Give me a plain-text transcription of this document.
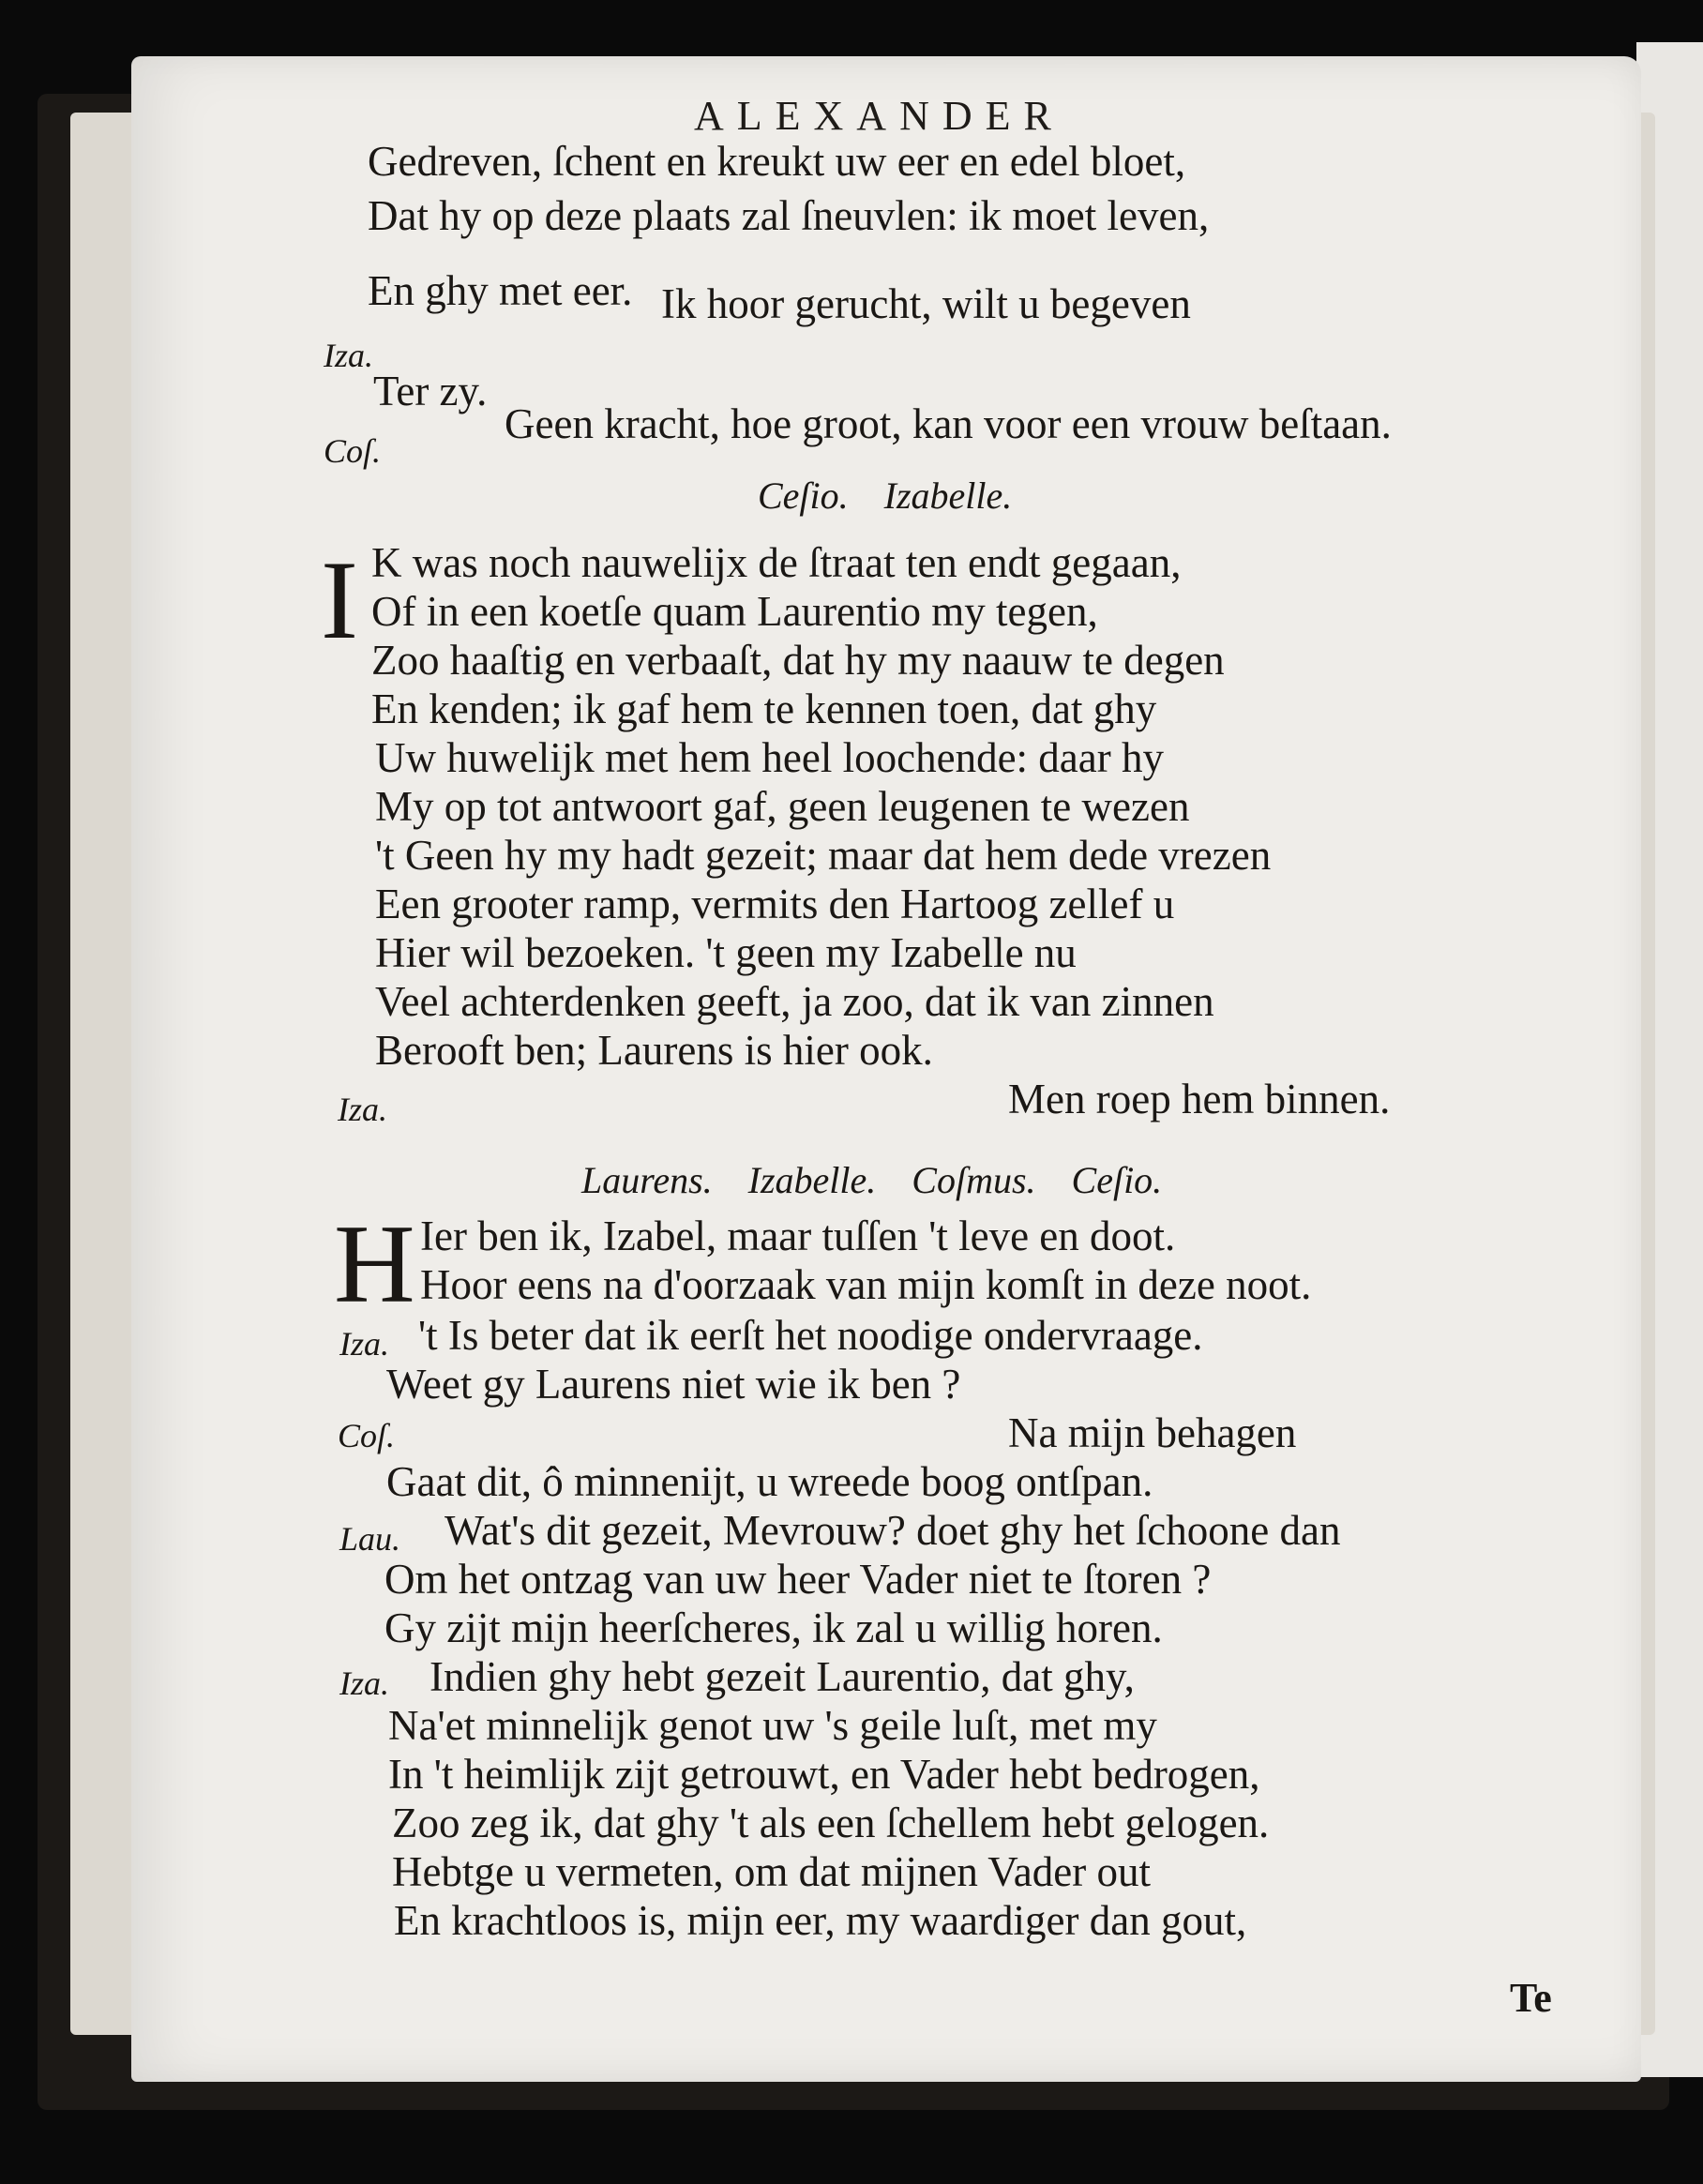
ALEXANDER
Gedreven, ſchent en kreukt uw eer en edel bloet,
Dat hy op deze plaats zal ſneuvlen: ik moet leven,
En ghy met eer. Ik hoor gerucht, wilt u begeven
Iza.
Ter zy.
Coſ.
Geen kracht, hoe groot, kan voor een vrouw beſtaan.
Ceſio. Izabelle.
I K was noch nauwelijx de ſtraat ten endt gegaan,
Of in een koetſe quam Laurentio my tegen,
Zoo haaſtig en verbaaſt, dat hy my naauw te degen
En kenden; ik gaf hem te kennen toen, dat ghy
Uw huwelijk met hem heel loochende: daar hy
My op tot antwoort gaf, geen leugenen te wezen
't Geen hy my hadt gezeit; maar dat hem dede vrezen
Een grooter ramp, vermits den Hartoog zellef u
Hier wil bezoeken. 't geen my Izabelle nu
Veel achterdenken geeft, ja zoo, dat ik van zinnen
Berooft ben; Laurens is hier ook.
Iza.	Men roep hem binnen.
Laurens. Izabelle. Coſmus. Ceſio.
H Ier ben ik, Izabel, maar tuſſen 't leve en doot.
Hoor eens na d'oorzaak van mijn komſt in deze noot.
Iza. 't Is beter dat ik eerſt het noodige ondervraage.
Weet gy Laurens niet wie ik ben ?
Coſ.	Na mijn behagen
Gaat dit, ô minnenijt, u wreede boog ontſpan.
Lau. Wat's dit gezeit, Mevrouw? doet ghy het ſchoone dan
Om het ontzag van uw heer Vader niet te ſtoren ?
Gy zijt mijn heerſcheres, ik zal u willig horen.
Iza. Indien ghy hebt gezeit Laurentio, dat ghy,
Na'et minnelijk genot uw 's geile luſt, met my
In 't heimlijk zijt getrouwt, en Vader hebt bedrogen,
Zoo zeg ik, dat ghy 't als een ſchellem hebt gelogen.
Hebtge u vermeten, om dat mijnen Vader out
En krachtloos is, mijn eer, my waardiger dan gout,
Te
